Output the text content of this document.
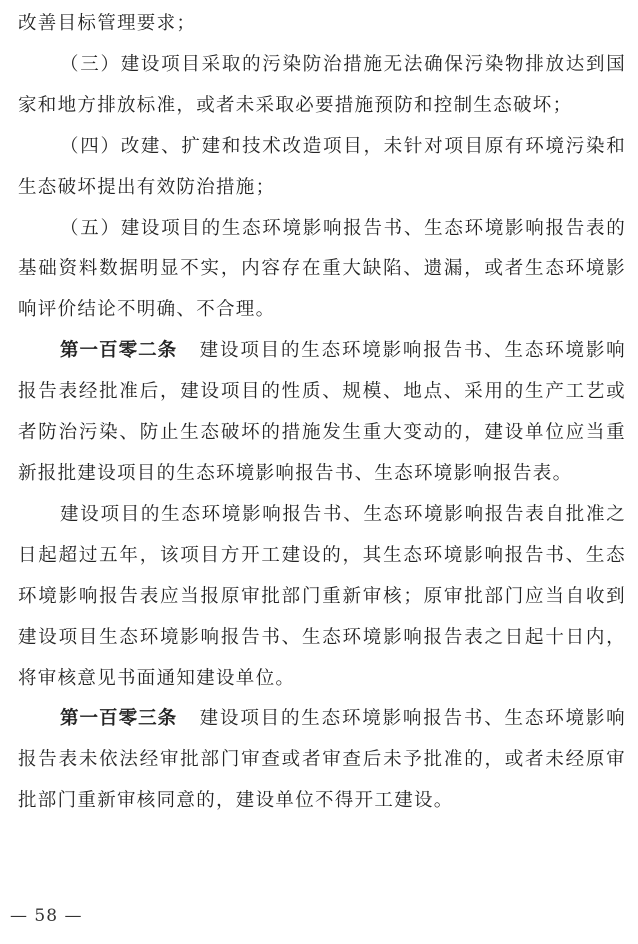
改善目标管理要求；

（三）建设项目采取的污染防治措施无法确保污染物排放达到国家和地方排放标准，或者未采取必要措施预防和控制生态破坏；

（四）改建、扩建和技术改造项目，未针对项目原有环境污染和生态破坏提出有效防治措施；

（五）建设项目的生态环境影响报告书、生态环境影响报告表的基础资料数据明显不实，内容存在重大缺陷、遗漏，或者生态环境影响评价结论不明确、不合理。

第一百零二条 建设项目的生态环境影响报告书、生态环境影响报告表经批准后，建设项目的性质、规模、地点、采用的生产工艺或者防治污染、防止生态破坏的措施发生重大变动的，建设单位应当重新报批建设项目的生态环境影响报告书、生态环境影响报告表。

建设项目的生态环境影响报告书、生态环境影响报告表自批准之日起超过五年，该项目方开工建设的，其生态环境影响报告书、生态环境影响报告表应当报原审批部门重新审核；原审批部门应当自收到建设项目生态环境影响报告书、生态环境影响报告表之日起十日内，将审核意见书面通知建设单位。

第一百零三条 建设项目的生态环境影响报告书、生态环境影响报告表未依法经审批部门审查或者审查后未予批准的，或者未经原审批部门重新审核同意的，建设单位不得开工建设。

— 58 —
